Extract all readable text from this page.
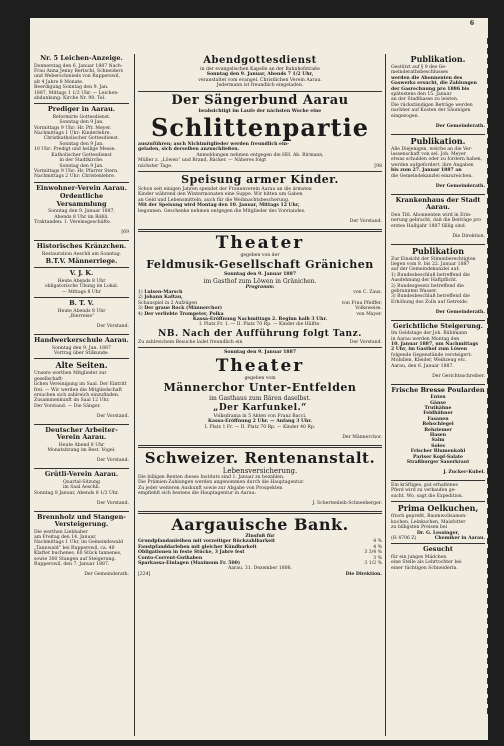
6

Nr. 5 Leichen-Anzeige.

Donnerstag den 6. Januar 1887 Nach-

Frau Anna Jenny Bertschi, Schneiders

und Weberschmieds von Rupperswil,

alt 4 Jahre 8 Monate.

Beerdigung Sonntag den 9. Jan.

1887, Mittags 1 1/2 Uhr. — Leichen-

abdankung: Kirche Nr. 90. Tel.

Prediger in Aarau.

Reformirte Gottesdienst.

Sonntag den 9 Jan.

Vormittags 9 Uhr: Hr. Pfr. Meyer.

Nachmittags 1 Uhr: Kinderlehre.

Christkatholischer Gottesdienst.

Sonntag den 9 Jan.

10 Uhr: Predigt und heilige Messe.

Katholischer Gottesdienst

in der Stadtkirche.

Sonntag den 9 Jan.

Vormittags 9 Uhr: Hr. Pfarrer Stern.

Nachmittags 2 Uhr: Christenlehre.

Einwohner-Verein Aarau.

Ordentliche Versammlung

Sonntag den 9. Januar 1887,

Abends 8 Uhr im Rößli.

Traktanden: 1. Vereinsgeschäfte.

[69

Historisches Kränzchen.

Restauration Aeschli am Sonntag.

B.T.V. Männerriege.

V. J. K.

Heute Abends 8 Uhr

obligatorische Übung im Lokal.

— Mittags 8 Uhr

B. T. V.

Heute Abends 8 Uhr

„Bierreise“

Der Vorstand.

Handwerkerschule Aarau.

Sonntag den 9. Jan. 1887

Vortrag über Stilkunde.

Alte Seiten.

Unsere werthen Mitglieder zur gesellschaft-

lichen Vereinigung im Saal. Der Eintritt

frei. — Wir werden die Mitgliedschaft

ersuchen sich zahlreich einzufinden.

Zusammenkunft im Saal 12 Uhr.

Der Vorstand. — Die Sänger.

Der Vorstand.

Deutscher Arbeiter-Verein Aarau.

Heute Abend 8 Uhr

Monatsitzung im Rest. Vogel.

Der Vorstand.

Grütli-Verein Aarau.

Quartal-Sitzung

im Saal Aeschli.

Sonntag 8 Januar, Abends 8 1/2 Uhr.

Der Vorstand.

Brennholz und Stangen-Versteigerung.

Die werthen Liebhaber

am Freitag den 14. Januar,

Nachmittags 1 Uhr, im Gemeindewald

„Tannwald“ bei Rupperswil, ca. 40

Klafter buchenes, 60 Stück tannenes,

sowie 300 Stangen auf Steigerung.

Rupperswil, den 7. Januar 1887.

Der Gemeinderath.

Abendgottesdienst

in der evangelischen Kapelle an der Bahnhofstraße

Sonntag den 9. Januar, Abends 7 1/2 Uhr,

veranstaltet vom evangel. Christlichen Verein Aarau.

Jedermann ist freundlich eingeladen.

Der Sängerbund Aarau

beabsichtigt im Laufe der nächsten Woche eine

Schlittenpartie

auszuführen; auch Nichtmitglieder werden freundlich ein-

geladen, sich derselben anzuschließen.

Anmeldungen nehmen entgegen die HH. Ab. Birmann,

Müller z. „Löwen“ und Brand, Bäcker. — Näheres folgt

nächster Tage.	[98

Speisung armer Kinder.

Schon seit einigen Jahren spendet der Frauenverein Aarau an die ärmsten

Kinder während den Wintermonaten eine Suppe. Wir bitten um Gaben

an Geld und Lebensmitteln, auch für die Weihnachtsbescherung.

Mit der Speisung wird Montag den 10. Januar, Mittags 12 Uhr,

begonnen. Geschenke nehmen entgegen die Mitglieder des Vorstandes.

Der Vorstand.

Theater

gegeben von der

Feldmusik-Gesellschaft Gränichen

Sonntag den 9. Januar 1887

im Gasthof zum Löwen in Gränichen.

Programm:

1) Luisen-Marsch	von C. Zaus.
2) Johann Kaltau,
Schauspiel in 2 Aufzügen	von Frau Pfeiffer.
3) Der graue Rock (Männerchor)	Volksweise.
4) Der verliebte Trompeter, Polka	von Mayer.

Kassa-Eröffnung Nachmittags 2. Beginn halb 3 Uhr.

I. Platz Fr. 1. — II. Platz 70 Rp. — Kinder die Hälfte.

NB. Nach der Aufführung folgt Tanz.

Zu zahlreichem Besuche ladet freundlich ein	Der Vorstand.

Sonntag den 9. Januar 1887

Theater

gegeben vom

Männerchor Unter-Entfelden

im Gasthaus zum Bären daselbst.

„Der Karfunkel.“

Volksdrama in 5 Akten von Franz Bacci.

Kassa-Eröffnung 2 Uhr. — Anfang 3 Uhr.

I. Platz 1 Fr. — II. Platz 70 Rp. — Kinder 40 Rp.

Der Männerchor.

Schweizer. Rentenanstalt.

Lebensversicherung.

Die billigen Renten dieses Instituts sind 1. Januar zu bezahlen.

Die Prämien-Zahlungen werden angenommen durch die Hauptagentur.

Zu jeder weiteren Auskunft sowie zur Abgabe von Prospekten

empfiehlt sich bestens die Hauptagentur in Aarau:

J. Schertenleib-Schneeberger.

Aargauische Bank.

Zinsfuß für

Grundpfandanleihen mit vorzeitiger Rückzahlbarkeit	4 %
Faustpfanddarlehen mit gleicher Kündbarkeit	4 %
Obligationen in feste Stücke, 3 Jahre fest	3 3/4 %
Conto-Corrent-Guthaben	3 %
Sparkassa-Einlagen (Maximum Fr. 500)	3 1/2 %

Aarau, 31. Dezember 1886.

[224]	Die Direktion.

Publikation.

Gestützt auf § 9 des Ge-

meinderathsbeschlusses

werden die Abonnenten des

Gaswerks ersucht, die Zahlungen

der Gasrechnung pro 1886 bis

spätestens den 15. Januar

an der Stadtkasse zu leisten.

Die rückständigen Beträge werden

nachher auf Kosten der Säumigen

eingezogen.

Der Gemeinderath.

Publikation.

Alle Diejenigen, welche an die Ver-

lassenschaft von sel. Joh. Meyer

etwas schulden oder zu fordern haben,

werden aufgefordert, ihre Angaben

bis zum 27. Januar 1887 an

die Gemeindekanzlei einzureichen.

Der Gemeinderath.

Krankenhaus der Stadt Aarau.

Den Titl. Abonnenten wird in Erin-

nerung gebracht, daß die Beiträge pro

erstes Halbjahr 1887 fällig sind.

Die Direktion.

Publikation

Zur Einsicht der Stimmberechtigten

liegen vom 8. bis 22. Januar 1887

auf der Gemeindekanzlei auf:

1) Bundesbeschluß betreffend die

Ausdehnung der Haftpflicht.

2) Bundesgesetz betreffend die

gebrannten Wasser.

3) Bundesbeschluß betreffend die

Erhöhung des Zolls auf Getreide.

Der Gemeinderath.

Gerichtliche Steigerung.

Im Geldstage der Joh. Bühlmann

in Aarau werden Montag den

10. Januar 1887, um Nachmittags

2 Uhr, im Gasthof zum Löwen

folgende Gegenstände versteigert:

Mobilien, Kleider, Weißzeug etc.

Aarau, den 6. Januar 1887.

Der Gerichtsschreiber.

Frische Bresse Poularden

Enten

Gänse

Truthähne

Feldhühner

Fasanen

Rehschlegel

Rehziemer

Hasen

Salm

Soles

Frischer Blumenkohl

Pariser Kopf-Salate

Straßburger Sauerkraut

J. Zucker-Kubel.

Ein kräftiges, gut erhaltenes

Pferd wird zu verkaufen ge-

sucht. Wo, sagt die Expedition.

Prima Oelkuchen,

frisch gepreßt, Baumwollsamen-

kuchen, Leinkuchen, Maisfutter

zu billigsten Preisen bei

Dr. G. Lessinger,

(H 4706 Z)	Chemiker in Aarau.

Gesucht

für ein junges Mädchen

eine Stelle als Lehrtochter bei

einer tüchtigen Schneiderin.
